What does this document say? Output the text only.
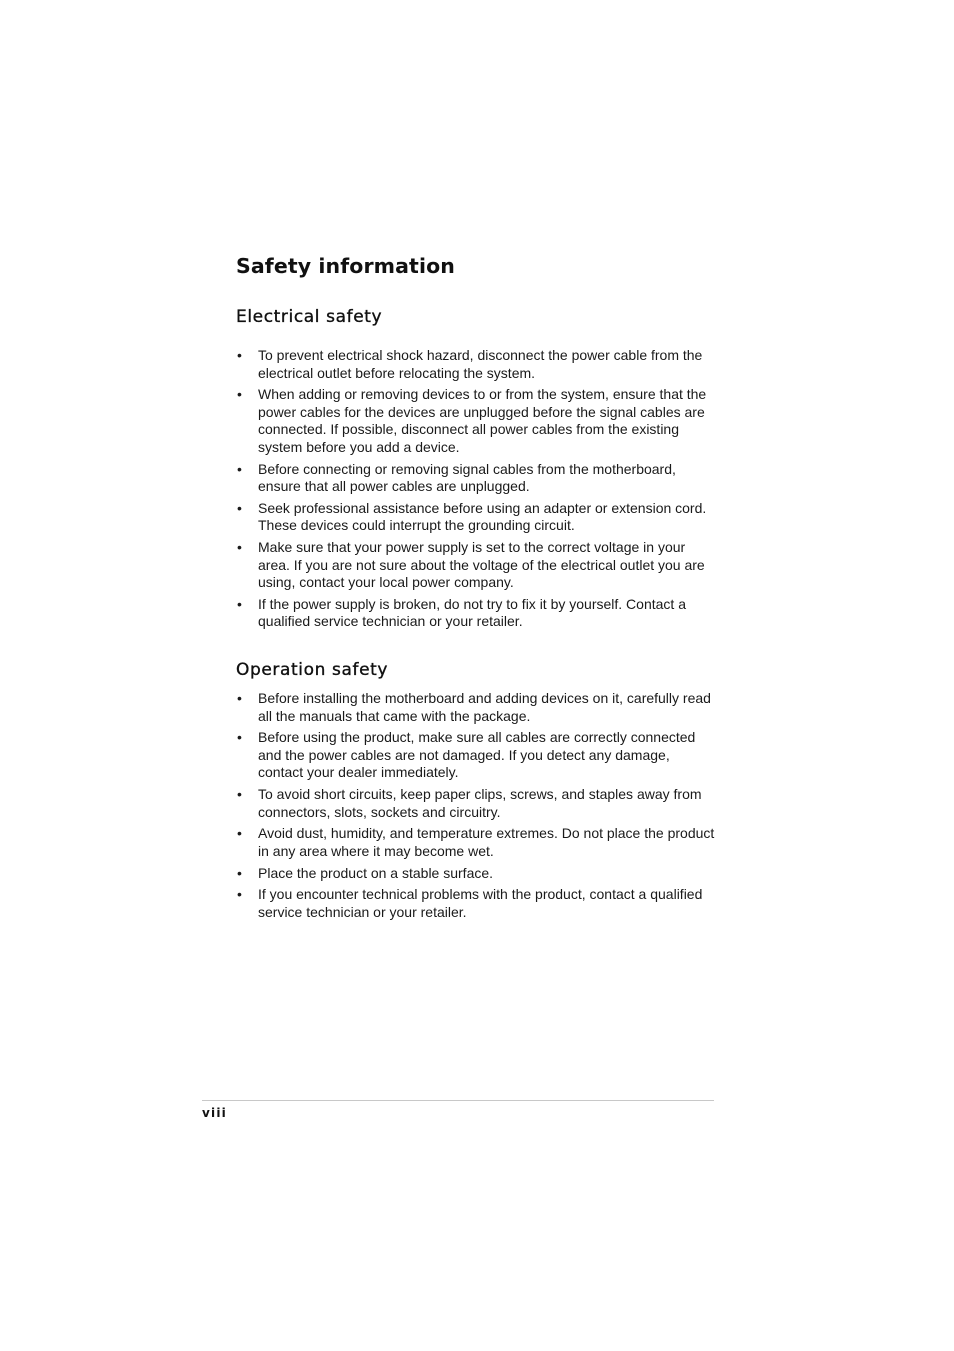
Safety information
Electrical safety
• To prevent electrical shock hazard, disconnect the power cable from the electrical outlet before relocating the system.
• When adding or removing devices to or from the system, ensure that the power cables for the devices are unplugged before the signal cables are connected. If possible, disconnect all power cables from the existing system before you add a device.
• Before connecting or removing signal cables from the motherboard, ensure that all power cables are unplugged.
• Seek professional assistance before using an adapter or extension cord. These devices could interrupt the grounding circuit.
• Make sure that your power supply is set to the correct voltage in your area. If you are not sure about the voltage of the electrical outlet you are using, contact your local power company.
• If the power supply is broken, do not try to fix it by yourself. Contact a qualified service technician or your retailer.
Operation safety
• Before installing the motherboard and adding devices on it, carefully read all the manuals that came with the package.
• Before using the product, make sure all cables are correctly connected and the power cables are not damaged. If you detect any damage, contact your dealer immediately.
• To avoid short circuits, keep paper clips, screws, and staples away from connectors, slots, sockets and circuitry.
• Avoid dust, humidity, and temperature extremes. Do not place the product in any area where it may become wet.
• Place the product on a stable surface.
• If you encounter technical problems with the product, contact a qualified service technician or your retailer.
viii
